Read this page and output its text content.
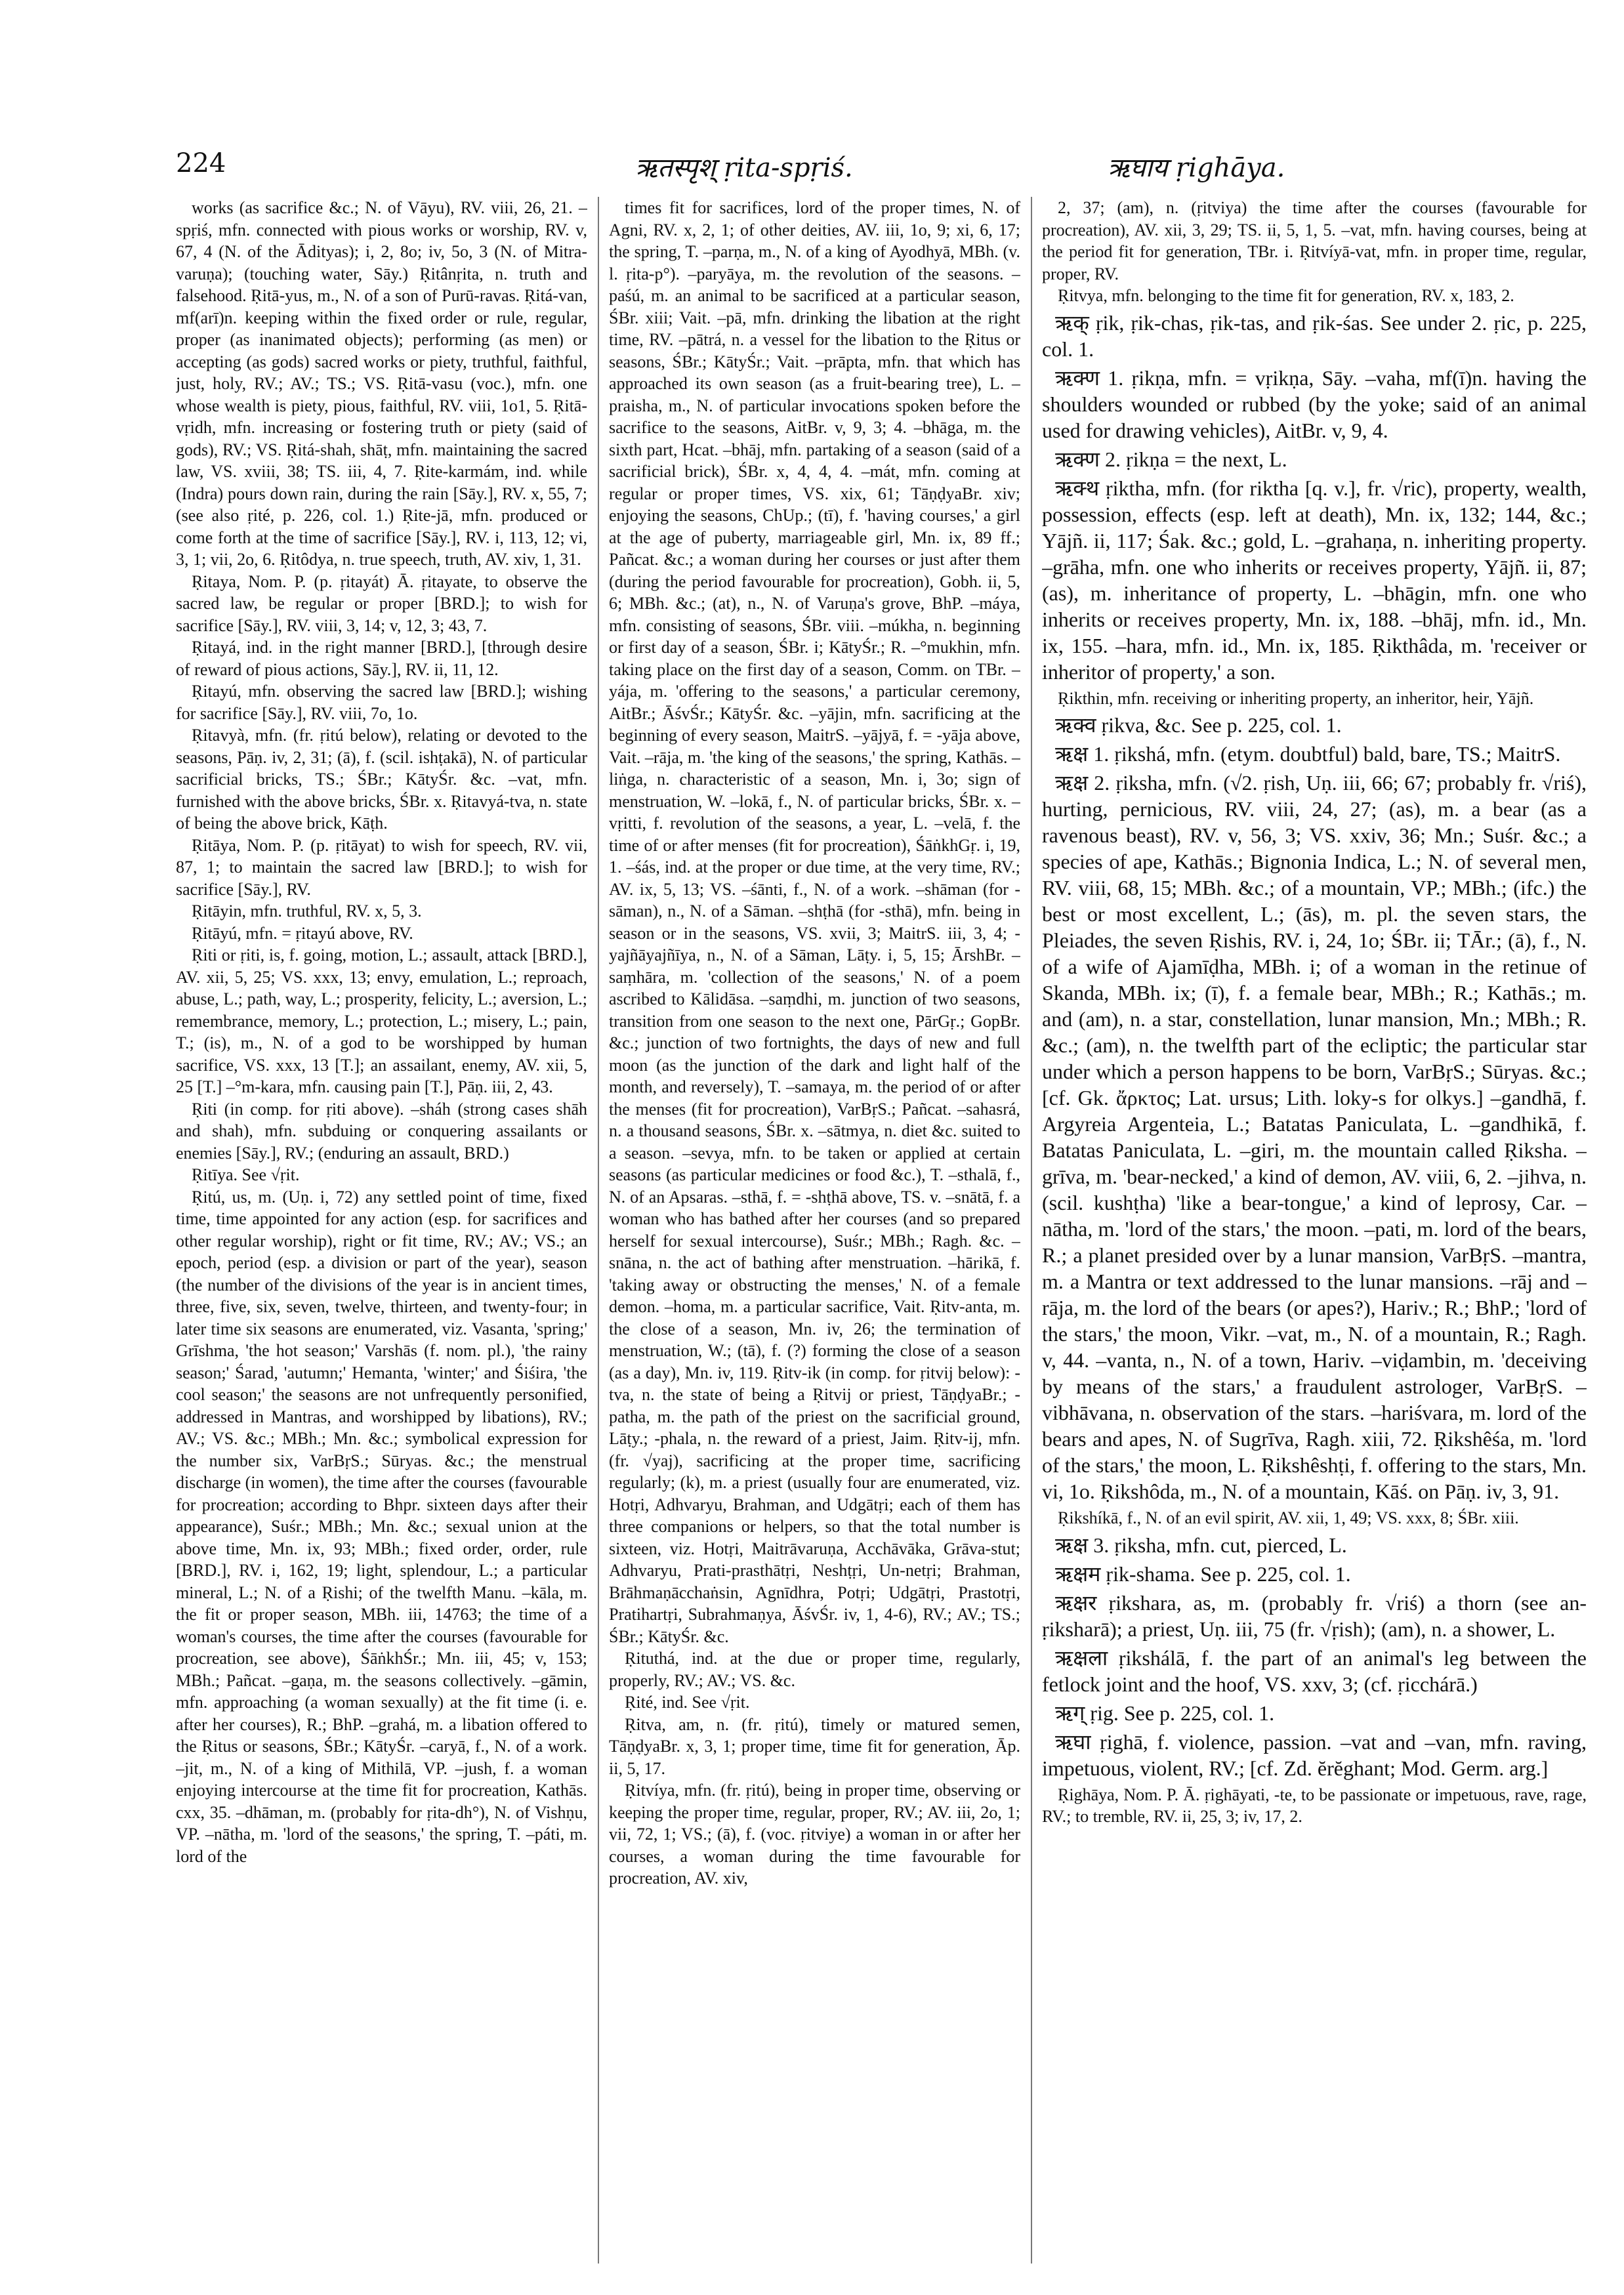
224	ऋतस्पृश् ṛita-spṛiś.	ऋघाय ṛighāya.

works (as sacrifice &c.; N. of Vāyu), RV. viii, 26, 21. –spṛiś, mfn. connected with pious works or worship, RV. v, 67, 4 (N. of the Ādityas); i, 2, 8o; iv, 5o, 3 (N. of Mitra-varuṇa); (touching water, Sāy.) Ṛitânṛita, n. truth and falsehood. Ṛitā-yus, m., N. of a son of Purū-ravas. Ṛitá-van, mf(arī)n. keeping within the fixed order or rule, regular, proper (as inanimated objects); performing (as men) or accepting (as gods) sacred works or piety, truthful, faithful, just, holy, RV.; AV.; TS.; VS. Ṛitā-vasu (voc.), mfn. one whose wealth is piety, pious, faithful, RV. viii, 1o1, 5. Ṛitā-vṛidh, mfn. increasing or fostering truth or piety (said of gods), RV.; VS. Ṛitá-shah, shāṭ, mfn. maintaining the sacred law, VS. xviii, 38; TS. iii, 4, 7. Ṛite-karmám, ind. while (Indra) pours down rain, during the rain [Sāy.], RV. x, 55, 7; (see also ṛité, p. 226, col. 1.) Ṛite-jā, mfn. produced or come forth at the time of sacrifice [Sāy.], RV. i, 113, 12; vi, 3, 1; vii, 2o, 6. Ṛitôdya, n. true speech, truth, AV. xiv, 1, 31.

Ṛitaya, Nom. P. (p. ṛitayát) Ā. ṛitayate, to observe the sacred law, be regular or proper [BRD.]; to wish for sacrifice [Sāy.], RV. viii, 3, 14; v, 12, 3; 43, 7.

Ṛitayá, ind. in the right manner [BRD.], [through desire of reward of pious actions, Sāy.], RV. ii, 11, 12.

Ṛitayú, mfn. observing the sacred law [BRD.]; wishing for sacrifice [Sāy.], RV. viii, 7o, 1o.

Ṛitavyà, mfn. (fr. ṛitú below), relating or devoted to the seasons, Pāṇ. iv, 2, 31; (ā), f. (scil. ishṭakā), N. of particular sacrificial bricks, TS.; ŚBr.; KātyŚr. &c. –vat, mfn. furnished with the above bricks, ŚBr. x. Ṛitavyá-tva, n. state of being the above brick, Kāṭh.

Ṛitāya, Nom. P. (p. ṛitāyat) to wish for speech, RV. vii, 87, 1; to maintain the sacred law [BRD.]; to wish for sacrifice [Sāy.], RV.

Ṛitāyin, mfn. truthful, RV. x, 5, 3.

Ṛitāyú, mfn. = ṛitayú above, RV.

Ṛiti or ṛiti, is, f. going, motion, L.; assault, attack [BRD.], AV. xii, 5, 25; VS. xxx, 13; envy, emulation, L.; reproach, abuse, L.; path, way, L.; prosperity, felicity, L.; aversion, L.; remembrance, memory, L.; protection, L.; misery, L.; pain, T.; (is), m., N. of a god to be worshipped by human sacrifice, VS. xxx, 13 [T.]; an assailant, enemy, AV. xii, 5, 25 [T.] –°m-kara, mfn. causing pain [T.], Pāṇ. iii, 2, 43.

Ṛiti (in comp. for ṛiti above). –sháh (strong cases shāh and shah), mfn. subduing or conquering assailants or enemies [Sāy.], RV.; (enduring an assault, BRD.)

Ṛitīya. See √ṛit.

Ṛitú, us, m. (Uṇ. i, 72) any settled point of time, fixed time, time appointed for any action (esp. for sacrifices and other regular worship), right or fit time, RV.; AV.; VS.; an epoch, period (esp. a division or part of the year), season (the number of the divisions of the year is in ancient times, three, five, six, seven, twelve, thirteen, and twenty-four; in later time six seasons are enumerated, viz. Vasanta, 'spring;' Grīshma, 'the hot season;' Varshās (f. nom. pl.), 'the rainy season;' Śarad, 'autumn;' Hemanta, 'winter;' and Śiśira, 'the cool season;' the seasons are not unfrequently personified, addressed in Mantras, and worshipped by libations), RV.; AV.; VS. &c.; MBh.; Mn. &c.; symbolical expression for the number six, VarBṛS.; Sūryas. &c.; the menstrual discharge (in women), the time after the courses (favourable for procreation; according to Bhpr. sixteen days after their appearance), Suśr.; MBh.; Mn. &c.; sexual union at the above time, Mn. ix, 93; MBh.; fixed order, order, rule [BRD.], RV. i, 162, 19; light, splendour, L.; a particular mineral, L.; N. of a Ṛishi; of the twelfth Manu. –kāla, m. the fit or proper season, MBh. iii, 14763; the time of a woman's courses, the time after the courses (favourable for procreation, see above), ŚāṅkhŚr.; Mn. iii, 45; v, 153; MBh.; Pañcat. –gaṇa, m. the seasons collectively. –gāmin, mfn. approaching (a woman sexually) at the fit time (i. e. after her courses), R.; BhP. –grahá, m. a libation offered to the Ṛitus or seasons, ŚBr.; KātyŚr. –caryā, f., N. of a work. –jit, m., N. of a king of Mithilā, VP. –jush, f. a woman enjoying intercourse at the time fit for procreation, Kathās. cxx, 35. –dhāman, m. (probably for ṛita-dh°), N. of Vishṇu, VP. –nātha, m. 'lord of the seasons,' the spring, T. –páti, m. lord of the

times fit for sacrifices, lord of the proper times, N. of Agni, RV. x, 2, 1; of other deities, AV. iii, 1o, 9; xi, 6, 17; the spring, T. –parṇa, m., N. of a king of Ayodhyā, MBh. (v. l. ṛita-p°). –paryāya, m. the revolution of the seasons. –paśú, m. an animal to be sacrificed at a particular season, ŚBr. xiii; Vait. –pā, mfn. drinking the libation at the right time, RV. –pātrá, n. a vessel for the libation to the Ṛitus or seasons, ŚBr.; KātyŚr.; Vait. –prāpta, mfn. that which has approached its own season (as a fruit-bearing tree), L. –praisha, m., N. of particular invocations spoken before the sacrifice to the seasons, AitBr. v, 9, 3; 4. –bhāga, m. the sixth part, Hcat. –bhāj, mfn. partaking of a season (said of a sacrificial brick), ŚBr. x, 4, 4, 4. –mát, mfn. coming at regular or proper times, VS. xix, 61; TāṇḍyaBr. xiv; enjoying the seasons, ChUp.; (tī), f. 'having courses,' a girl at the age of puberty, marriageable girl, Mn. ix, 89 ff.; Pañcat. &c.; a woman during her courses or just after them (during the period favourable for procreation), Gobh. ii, 5, 6; MBh. &c.; (at), n., N. of Varuṇa's grove, BhP. –máya, mfn. consisting of seasons, ŚBr. viii. –múkha, n. beginning or first day of a season, ŚBr. i; KātyŚr.; R. –°mukhin, mfn. taking place on the first day of a season, Comm. on TBr. –yája, m. 'offering to the seasons,' a particular ceremony, AitBr.; ĀśvŚr.; KātyŚr. &c. –yājin, mfn. sacrificing at the beginning of every season, MaitrS. –yājyā, f. = -yāja above, Vait. –rāja, m. 'the king of the seasons,' the spring, Kathās. –liṅga, n. characteristic of a season, Mn. i, 3o; sign of menstruation, W. –lokā, f., N. of particular bricks, ŚBr. x. –vṛitti, f. revolution of the seasons, a year, L. –velā, f. the time of or after menses (fit for procreation), ŚāṅkhGṛ. i, 19, 1. –śás, ind. at the proper or due time, at the very time, RV.; AV. ix, 5, 13; VS. –śānti, f., N. of a work. –shāman (for -sāman), n., N. of a Sāman. –shṭhā (for -sthā), mfn. being in season or in the seasons, VS. xvii, 3; MaitrS. iii, 3, 4; -yajñāyajñīya, n., N. of a Sāman, Lāṭy. i, 5, 15; ĀrshBr. –saṃhāra, m. 'collection of the seasons,' N. of a poem ascribed to Kālidāsa. –saṃdhi, m. junction of two seasons, transition from one season to the next one, PārGṛ.; GopBr. &c.; junction of two fortnights, the days of new and full moon (as the junction of the dark and light half of the month, and reversely), T. –samaya, m. the period of or after the menses (fit for procreation), VarBṛS.; Pañcat. –sahasrá, n. a thousand seasons, ŚBr. x. –sātmya, n. diet &c. suited to a season. –sevya, mfn. to be taken or applied at certain seasons (as particular medicines or food &c.), T. –sthalā, f., N. of an Apsaras. –sthā, f. = -shṭhā above, TS. v. –snātā, f. a woman who has bathed after her courses (and so prepared herself for sexual intercourse), Suśr.; MBh.; Ragh. &c. –snāna, n. the act of bathing after menstruation. –hārikā, f. 'taking away or obstructing the menses,' N. of a female demon. –homa, m. a particular sacrifice, Vait. Ṛitv-anta, m. the close of a season, Mn. iv, 26; the termination of menstruation, W.; (tā), f. (?) forming the close of a season (as a day), Mn. iv, 119. Ṛitv-ik (in comp. for ṛitvij below): -tva, n. the state of being a Ṛitvij or priest, TāṇḍyaBr.; -patha, m. the path of the priest on the sacrificial ground, Lāṭy.; -phala, n. the reward of a priest, Jaim. Ṛitv-ij, mfn. (fr. √yaj), sacrificing at the proper time, sacrificing regularly; (k), m. a priest (usually four are enumerated, viz. Hotṛi, Adhvaryu, Brahman, and Udgātṛi; each of them has three companions or helpers, so that the total number is sixteen, viz. Hotṛi, Maitrāvaruṇa, Acchāvāka, Grāva-stut; Adhvaryu, Prati-prasthātṛi, Neshṭṛi, Un-netṛi; Brahman, Brāhmaṇācchaṅsin, Agnīdhra, Potṛi; Udgātṛi, Prastotṛi, Pratihartṛi, Subrahmaṇya, ĀśvŚr. iv, 1, 4-6), RV.; AV.; TS.; ŚBr.; KātyŚr. &c.

Ṛituthá, ind. at the due or proper time, regularly, properly, RV.; AV.; VS. &c.

Ṛité, ind. See √ṛit.

Ṛitva, am, n. (fr. ṛitú), timely or matured semen, TāṇḍyaBr. x, 3, 1; proper time, time fit for generation, Āp. ii, 5, 17.

Ṛitvíya, mfn. (fr. ṛitú), being in proper time, observing or keeping the proper time, regular, proper, RV.; AV. iii, 2o, 1; vii, 72, 1; VS.; (ā), f. (voc. ṛitviye) a woman in or after her courses, a woman during the time favourable for procreation, AV. xiv,

2, 37; (am), n. (ṛitviya) the time after the courses (favourable for procreation), AV. xii, 3, 29; TS. ii, 5, 1, 5. –vat, mfn. having courses, being at the period fit for generation, TBr. i. Ṛitvíyā-vat, mfn. in proper time, regular, proper, RV.

Ṛitvya, mfn. belonging to the time fit for generation, RV. x, 183, 2.

ऋक् ṛik, ṛik-chas, ṛik-tas, and ṛik-śas. See under 2. ṛic, p. 225, col. 1.

ऋक्ण 1. ṛikṇa, mfn. = vṛikṇa, Sāy. –vaha, mf(ī)n. having the shoulders wounded or rubbed (by the yoke; said of an animal used for drawing vehicles), AitBr. v, 9, 4.

ऋक्ण 2. ṛikṇa = the next, L.

ऋक्थ ṛiktha, mfn. (for riktha [q. v.], fr. √ric), property, wealth, possession, effects (esp. left at death), Mn. ix, 132; 144, &c.; Yājñ. ii, 117; Śak. &c.; gold, L. –grahaṇa, n. inheriting property. –grāha, mfn. one who inherits or receives property, Yājñ. ii, 87; (as), m. inheritance of property, L. –bhāgin, mfn. one who inherits or receives property, Mn. ix, 188. –bhāj, mfn. id., Mn. ix, 155. –hara, mfn. id., Mn. ix, 185. Ṛikthâda, m. 'receiver or inheritor of property,' a son.

Ṛikthin, mfn. receiving or inheriting property, an inheritor, heir, Yājñ.

ऋक्व ṛikva, &c. See p. 225, col. 1.

ऋक्ष 1. ṛikshá, mfn. (etym. doubtful) bald, bare, TS.; MaitrS.

ऋक्ष 2. ṛiksha, mfn. (√2. ṛish, Uṇ. iii, 66; 67; probably fr. √riś), hurting, pernicious, RV. viii, 24, 27; (as), m. a bear (as a ravenous beast), RV. v, 56, 3; VS. xxiv, 36; Mn.; Suśr. &c.; a species of ape, Kathās.; Bignonia Indica, L.; N. of several men, RV. viii, 68, 15; MBh. &c.; of a mountain, VP.; MBh.; (ifc.) the best or most excellent, L.; (ās), m. pl. the seven stars, the Pleiades, the seven Ṛishis, RV. i, 24, 1o; ŚBr. ii; TĀr.; (ā), f., N. of a wife of Ajamīḍha, MBh. i; of a woman in the retinue of Skanda, MBh. ix; (ī), f. a female bear, MBh.; R.; Kathās.; m. and (am), n. a star, constellation, lunar mansion, Mn.; MBh.; R. &c.; (am), n. the twelfth part of the ecliptic; the particular star under which a person happens to be born, VarBṛS.; Sūryas. &c.; [cf. Gk. ἄρκτος; Lat. ursus; Lith. loky-s for olkys.] –gandhā, f. Argyreia Argenteia, L.; Batatas Paniculata, L. –gandhikā, f. Batatas Paniculata, L. –giri, m. the mountain called Ṛiksha. –grīva, m. 'bear-necked,' a kind of demon, AV. viii, 6, 2. –jihva, n. (scil. kushṭha) 'like a bear-tongue,' a kind of leprosy, Car. –nātha, m. 'lord of the stars,' the moon. –pati, m. lord of the bears, R.; a planet presided over by a lunar mansion, VarBṛS. –mantra, m. a Mantra or text addressed to the lunar mansions. –rāj and –rāja, m. the lord of the bears (or apes?), Hariv.; R.; BhP.; 'lord of the stars,' the moon, Vikr. –vat, m., N. of a mountain, R.; Ragh. v, 44. –vanta, n., N. of a town, Hariv. –viḍambin, m. 'deceiving by means of the stars,' a fraudulent astrologer, VarBṛS. –vibhāvana, n. observation of the stars. –hariśvara, m. lord of the bears and apes, N. of Sugrīva, Ragh. xiii, 72. Ṛikshêśa, m. 'lord of the stars,' the moon, L. Ṛikshêshṭi, f. offering to the stars, Mn. vi, 1o. Ṛikshôda, m., N. of a mountain, Kāś. on Pāṇ. iv, 3, 91.

Ṛikshíkā, f., N. of an evil spirit, AV. xii, 1, 49; VS. xxx, 8; ŚBr. xiii.

ऋक्ष 3. ṛiksha, mfn. cut, pierced, L.

ऋक्षम ṛik-shama. See p. 225, col. 1.

ऋक्षर ṛikshara, as, m. (probably fr. √riś) a thorn (see an-ṛiksharā); a priest, Uṇ. iii, 75 (fr. √ṛish); (am), n. a shower, L.

ऋक्षला ṛikshálā, f. the part of an animal's leg between the fetlock joint and the hoof, VS. xxv, 3; (cf. ṛicchárā.)

ऋग् ṛig. See p. 225, col. 1.

ऋघा ṛighā, f. violence, passion. –vat and –van, mfn. raving, impetuous, violent, RV.; [cf. Zd. ĕrĕghant; Mod. Germ. arg.]

Ṛighāya, Nom. P. Ā. ṛighāyati, -te, to be passionate or impetuous, rave, rage, RV.; to tremble, RV. ii, 25, 3; iv, 17, 2.
